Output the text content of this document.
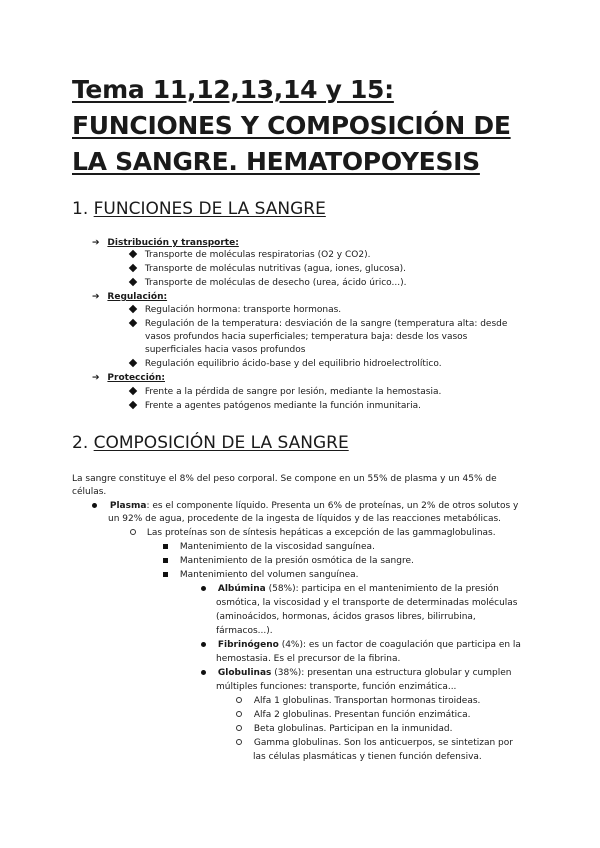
Tema 11,12,13,14 y 15: FUNCIONES Y COMPOSICIÓN DE LA SANGRE. HEMATOPOYESIS
1. FUNCIONES DE LA SANGRE
➔ Distribución y transporte:
Transporte de moléculas respiratorias (O2 y CO2).
Transporte de moléculas nutritivas (agua, iones, glucosa).
Transporte de moléculas de desecho (urea, ácido úrico...).
➔ Regulación:
Regulación hormona: transporte hormonas.
Regulación de la temperatura: desviación de la sangre (temperatura alta: desde
vasos profundos hacia superficiales; temperatura baja: desde los vasos
superficiales hacia vasos profundos
Regulación equilibrio ácido-base y del equilibrio hidroelectrolítico.
➔ Protección:
Frente a la pérdida de sangre por lesión, mediante la hemostasia.
Frente a agentes patógenos mediante la función inmunitaria.
2. COMPOSICIÓN DE LA SANGRE
La sangre constituye el 8% del peso corporal. Se compone en un 55% de plasma y un 45% de
células.
Plasma: es el componente líquido. Presenta un 6% de proteínas, un 2% de otros solutos y
un 92% de agua, procedente de la ingesta de líquidos y de las reacciones metabólicas.
Las proteínas son de síntesis hepáticas a excepción de las gammaglobulinas.
Mantenimiento de la viscosidad sanguínea.
Mantenimiento de la presión osmótica de la sangre.
Mantenimiento del volumen sanguínea.
Albúmina (58%): participa en el mantenimiento de la presión
osmótica, la viscosidad y el transporte de determinadas moléculas
(aminoácidos, hormonas, ácidos grasos libres, bilirrubina,
fármacos...).
Fibrinógeno (4%): es un factor de coagulación que participa en la
hemostasia. Es el precursor de la fibrina.
Globulinas (38%): presentan una estructura globular y cumplen
múltiples funciones: transporte, función enzimática...
Alfa 1 globulinas. Transportan hormonas tiroideas.
Alfa 2 globulinas. Presentan función enzimática.
Beta globulinas. Participan en la inmunidad.
Gamma globulinas. Son los anticuerpos, se sintetizan por
las células plasmáticas y tienen función defensiva.
